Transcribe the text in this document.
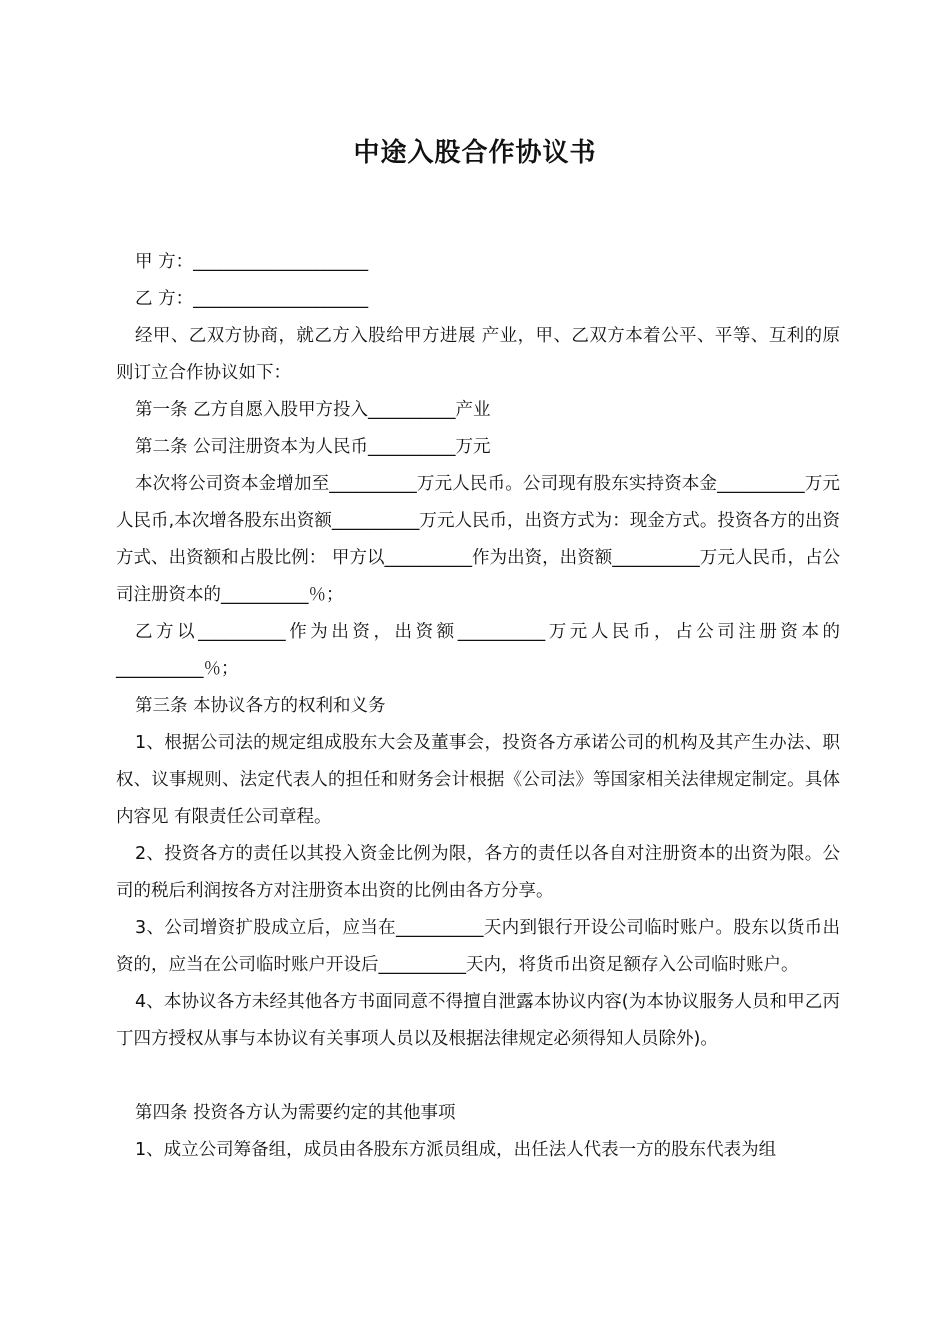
中途入股合作协议书

甲 方：____________________

乙 方：____________________

经甲、乙双方协商，就乙方入股给甲方进展 产业，甲、乙双方本着公平、平等、互利的原则订立合作协议如下：

第一条 乙方自愿入股甲方投入__________产业

第二条 公司注册资本为人民币__________万元

本次将公司资本金增加至__________万元人民币。公司现有股东实持资本金__________万元人民币,本次增各股东出资额__________万元人民币，出资方式为：现金方式。投资各方的出资方式、出资额和占股比例： 甲方以__________作为出资，出资额__________万元人民币，占公司注册资本的__________％；

乙方以__________作为出资，出资额__________万元人民币，占公司注册资本的__________％；

第三条 本协议各方的权利和义务

1、根据公司法的规定组成股东大会及董事会，投资各方承诺公司的机构及其产生办法、职权、议事规则、法定代表人的担任和财务会计根据《公司法》等国家相关法律规定制定。具体内容见 有限责任公司章程。

2、投资各方的责任以其投入资金比例为限，各方的责任以各自对注册资本的出资为限。公司的税后利润按各方对注册资本出资的比例由各方分享。

3、公司增资扩股成立后，应当在__________天内到银行开设公司临时账户。股东以货币出资的，应当在公司临时账户开设后__________天内，将货币出资足额存入公司临时账户。

4、本协议各方未经其他各方书面同意不得擅自泄露本协议内容(为本协议服务人员和甲乙丙丁四方授权从事与本协议有关事项人员以及根据法律规定必须得知人员除外)。

第四条 投资各方认为需要约定的其他事项

1、成立公司筹备组，成员由各股东方派员组成，出任法人代表一方的股东代表为组
